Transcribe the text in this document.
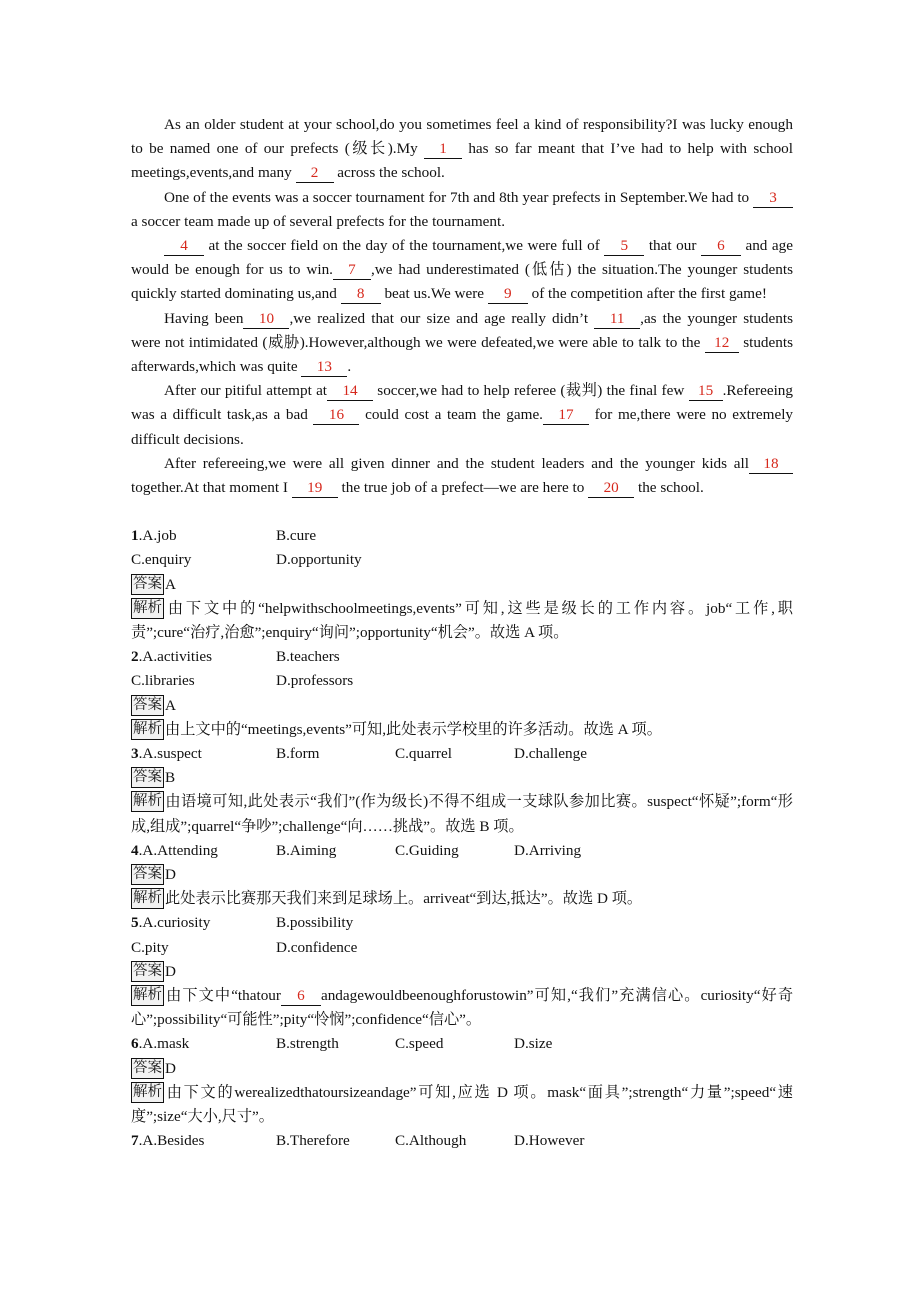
As an older student at your school,do you sometimes feel a kind of responsibility?I was lucky enough to be named one of our prefects (级长).My 1 has so far meant that I’ve had to help with school meetings,events,and many 2 across the school.

One of the events was a soccer tournament for 7th and 8th year prefects in September.We had to 3 a soccer team made up of several prefects for the tournament.

4 at the soccer field on the day of the tournament,we were full of 5 that our 6 and age would be enough for us to win. 7 ,we had underestimated (低估) the situation.The younger students quickly started dominating us,and 8 beat us.We were 9 of the competition after the first game!

Having been 10 ,we realized that our size and age really didn’t 11 ,as the younger students were not intimidated (威胁).However,although we were defeated,we were able to talk to the 12 students afterwards,which was quite 13 .

After our pitiful attempt at 14 soccer,we had to help referee (裁判) the final few 15 .Refereeing was a difficult task,as a bad 16 could cost a team the game. 17 for me,there were no extremely difficult decisions.

After refereeing,we were all given dinner and the student leaders and the younger kids all 18 together.At that moment I 19 the true job of a prefect—we are here to 20 the school.

1.A.job	B.cure
C.enquiry	D.opportunity
答案 A

解析 由下文中的“helpwithschoolmeetings,events”可知,这些是级长的工作内容。job“工作,职责”;cure“治疗,治愈”;enquiry“询问”;opportunity“机会”。故选 A 项。

2.A.activities	B.teachers
C.libraries	D.professors
答案 A

解析 由上文中的“meetings,events”可知,此处表示学校里的许多活动。故选 A 项。

3.A.suspect	B.form	C.quarrel	D.challenge
答案 B

解析 由语境可知,此处表示“我们”(作为级长)不得不组成一支球队参加比赛。suspect“怀疑”;form“形成,组成”;quarrel“争吵”;challenge“向……挑战”。故选 B 项。

4.A.Attending	B.Aiming	C.Guiding	D.Arriving
答案 D

解析 此处表示比赛那天我们来到足球场上。arriveat“到达,抵达”。故选 D 项。

5.A.curiosity	B.possibility
C.pity	D.confidence
答案 D

解析 由下文中“thatour 6 andagewouldbeenoughforustowin”可知,“我们”充满信心。curiosity“好奇心”;possibility“可能性”;pity“怜悯”;confidence“信心”。

6.A.mask	B.strength	C.speed	D.size
答案 D

解析 由下文的werealizedthatoursizeandage”可知,应选 D 项。mask“面具”;strength“力量”;speed“速度”;size“大小,尺寸”。

7.A.Besides	B.Therefore	C.Although	D.However
